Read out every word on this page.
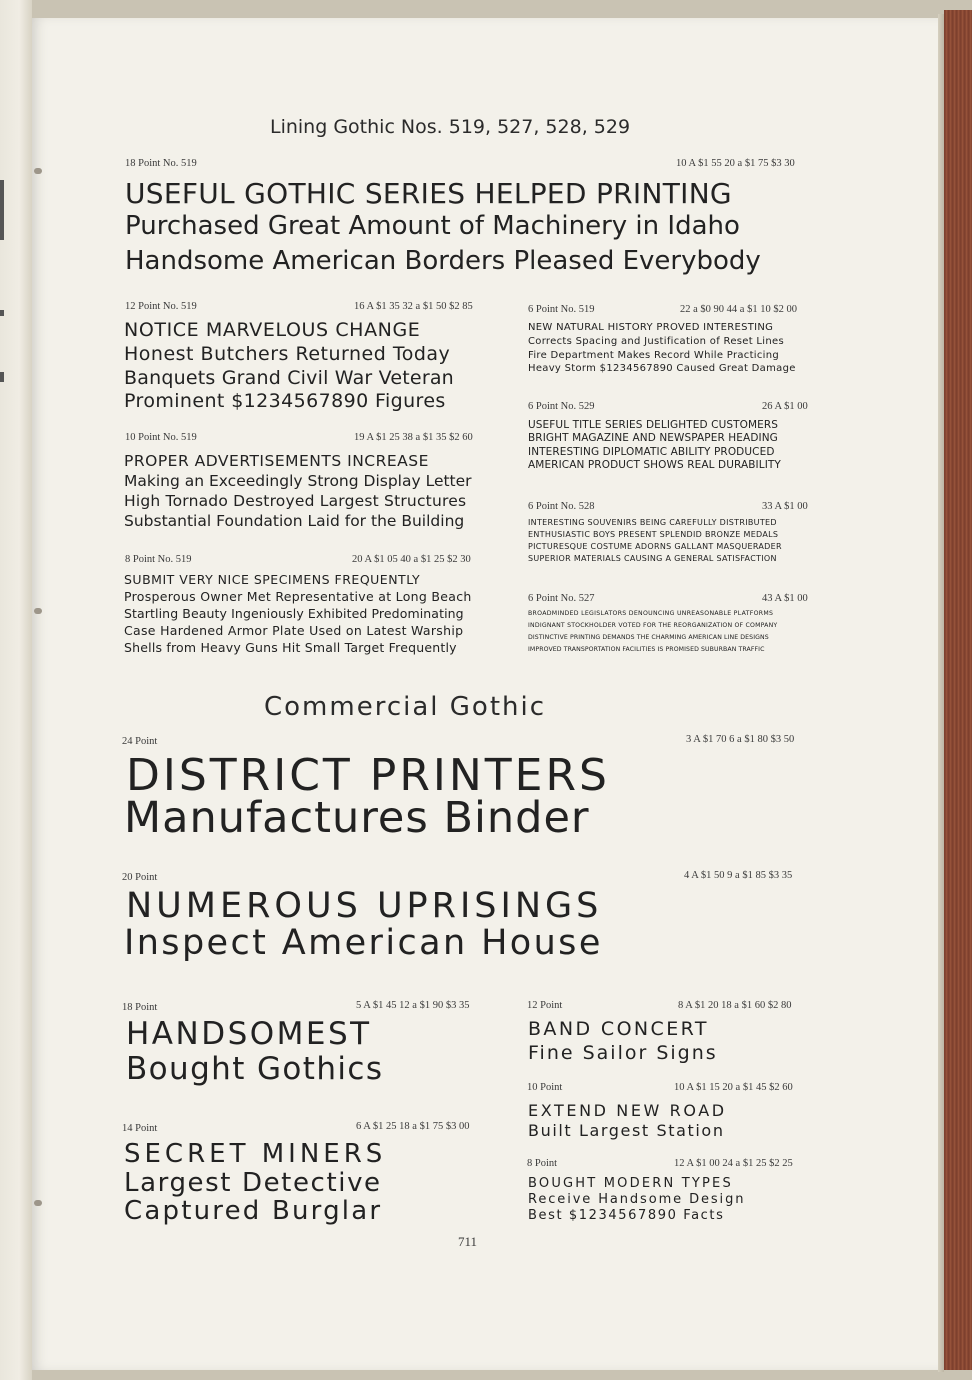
Lining Gothic Nos. 519, 527, 528, 529
18 Point No. 519	10 A $1 55 20 a $1 75 $3 30
USEFUL GOTHIC SERIES HELPED PRINTING
Purchased Great Amount of Machinery in Idaho
Handsome American Borders Pleased Everybody
12 Point No. 519	16 A $1 35 32 a $1 50 $2 85
NOTICE MARVELOUS CHANGE
Honest Butchers Returned Today
Banquets Grand Civil War Veteran
Prominent $1234567890 Figures
10 Point No. 519	19 A $1 25 38 a $1 35 $2 60
PROPER ADVERTISEMENTS INCREASE
Making an Exceedingly Strong Display Letter
High Tornado Destroyed Largest Structures
Substantial Foundation Laid for the Building
8 Point No. 519	20 A $1 05 40 a $1 25 $2 30
SUBMIT VERY NICE SPECIMENS FREQUENTLY
Prosperous Owner Met Representative at Long Beach
Startling Beauty Ingeniously Exhibited Predominating
Case Hardened Armor Plate Used on Latest Warship
Shells from Heavy Guns Hit Small Target Frequently
6 Point No. 519	22 a $0 90 44 a $1 10 $2 00
NEW NATURAL HISTORY PROVED INTERESTING
Corrects Spacing and Justification of Reset Lines
Fire Department Makes Record While Practicing
Heavy Storm $1234567890 Caused Great Damage
6 Point No. 529	26 A $1 00
USEFUL TITLE SERIES DELIGHTED CUSTOMERS
BRIGHT MAGAZINE AND NEWSPAPER HEADING
INTERESTING DIPLOMATIC ABILITY PRODUCED
AMERICAN PRODUCT SHOWS REAL DURABILITY
6 Point No. 528	33 A $1 00
INTERESTING SOUVENIRS BEING CAREFULLY DISTRIBUTED
ENTHUSIASTIC BOYS PRESENT SPLENDID BRONZE MEDALS
PICTURESQUE COSTUME ADORNS GALLANT MASQUERADER
SUPERIOR MATERIALS CAUSING A GENERAL SATISFACTION
6 Point No. 527	43 A $1 00
BROADMINDED LEGISLATORS DENOUNCING UNREASONABLE PLATFORMS
INDIGNANT STOCKHOLDER VOTED FOR THE REORGANIZATION OF COMPANY
DISTINCTIVE PRINTING DEMANDS THE CHARMING AMERICAN LINE DESIGNS
IMPROVED TRANSPORTATION FACILITIES IS PROMISED SUBURBAN TRAFFIC
Commercial Gothic
24 Point	3 A $1 70 6 a $1 80 $3 50
DISTRICT PRINTERS
Manufactures Binder
20 Point	4 A $1 50 9 a $1 85 $3 35
NUMEROUS UPRISINGS
Inspect American House
18 Point	5 A $1 45 12 a $1 90 $3 35
HANDSOMEST
Bought Gothics
14 Point	6 A $1 25 18 a $1 75 $3 00
SECRET MINERS
Largest Detective
Captured Burglar
12 Point	8 A $1 20 18 a $1 60 $2 80
BAND CONCERT
Fine Sailor Signs
10 Point	10 A $1 15 20 a $1 45 $2 60
EXTEND NEW ROAD
Built Largest Station
8 Point	12 A $1 00 24 a $1 25 $2 25
BOUGHT MODERN TYPES
Receive Handsome Design
Best $1234567890 Facts
711
